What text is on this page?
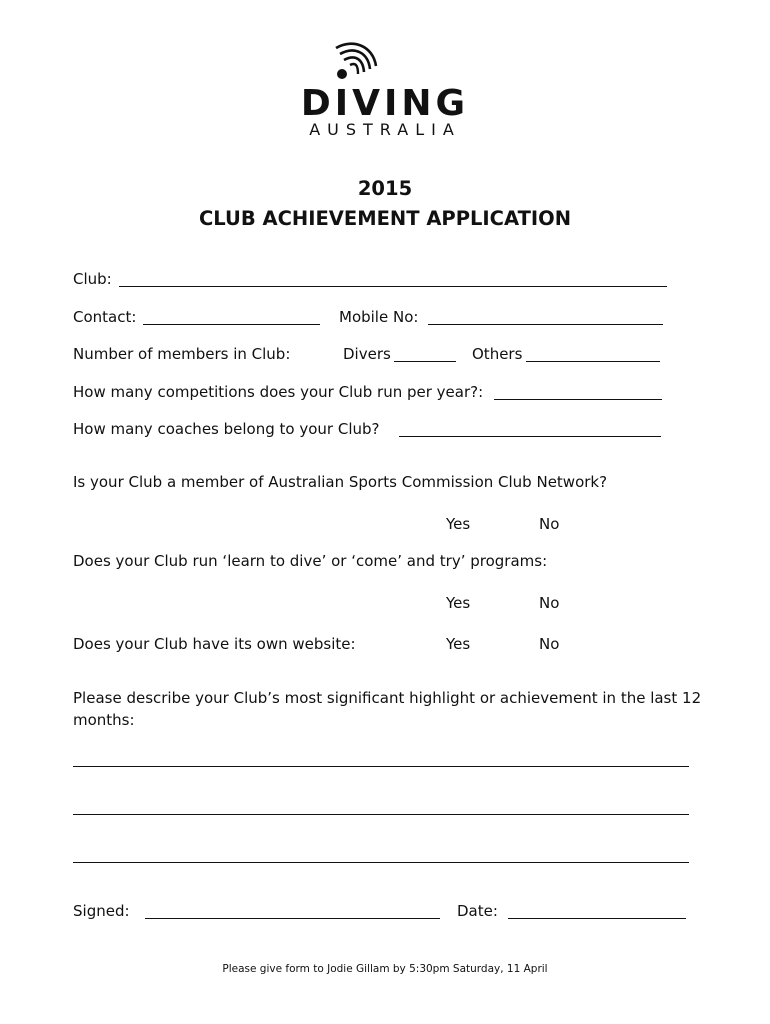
DIVING
AUSTRALIA
2015
CLUB ACHIEVEMENT APPLICATION
Club:
Contact:	Mobile No:
Number of members in Club:	Divers	Others
How many competitions does your Club run per year?:
How many coaches belong to your Club?
Is your Club a member of Australian Sports Commission Club Network?
Yes	No
Does your Club run ‘learn to dive’ or ‘come’ and try’ programs:
Yes	No
Does your Club have its own website:	Yes	No
Please describe your Club’s most significant highlight or achievement in the last 12
months:
Signed:	Date:
Please give form to Jodie Gillam by 5:30pm Saturday, 11 April
